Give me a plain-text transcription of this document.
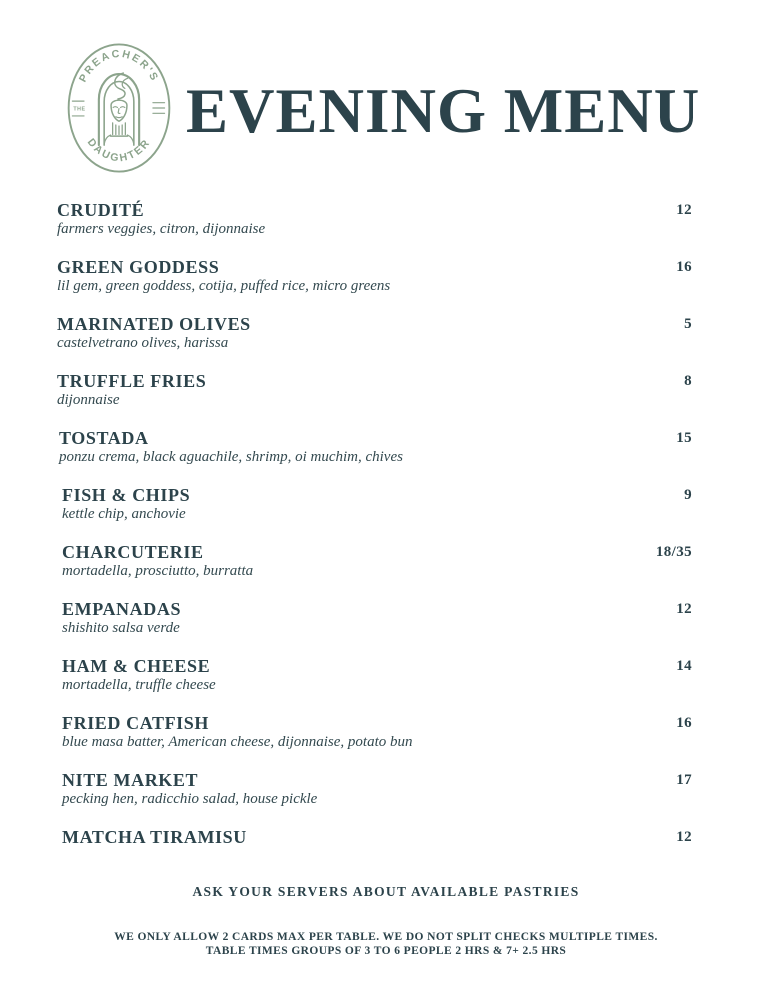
PREACHER'S
DAUGHTER
THE EVENING MENU
CRUDITÉ
farmers veggies, citron, dijonnaise
12
GREEN GODDESS
lil gem, green goddess, cotija, puffed rice, micro greens
16
MARINATED OLIVES
castelvetrano olives, harissa
5
TRUFFLE FRIES
dijonnaise
8
TOSTADA
ponzu crema, black aguachile, shrimp, oi muchim, chives
15
FISH & CHIPS
kettle chip, anchovie
9
CHARCUTERIE
mortadella, prosciutto, burratta
18/35
EMPANADAS
shishito salsa verde
12
HAM & CHEESE
mortadella, truffle cheese
14
FRIED CATFISH
blue masa batter, American cheese, dijonnaise, potato bun
16
NITE MARKET
pecking hen, radicchio salad, house pickle
17
MATCHA TIRAMISU	12
ASK YOUR SERVERS ABOUT AVAILABLE PASTRIES
WE ONLY ALLOW 2 CARDS MAX PER TABLE. WE DO NOT SPLIT CHECKS MULTIPLE TIMES.
TABLE TIMES GROUPS OF 3 TO 6 PEOPLE 2 HRS & 7+ 2.5 HRS
